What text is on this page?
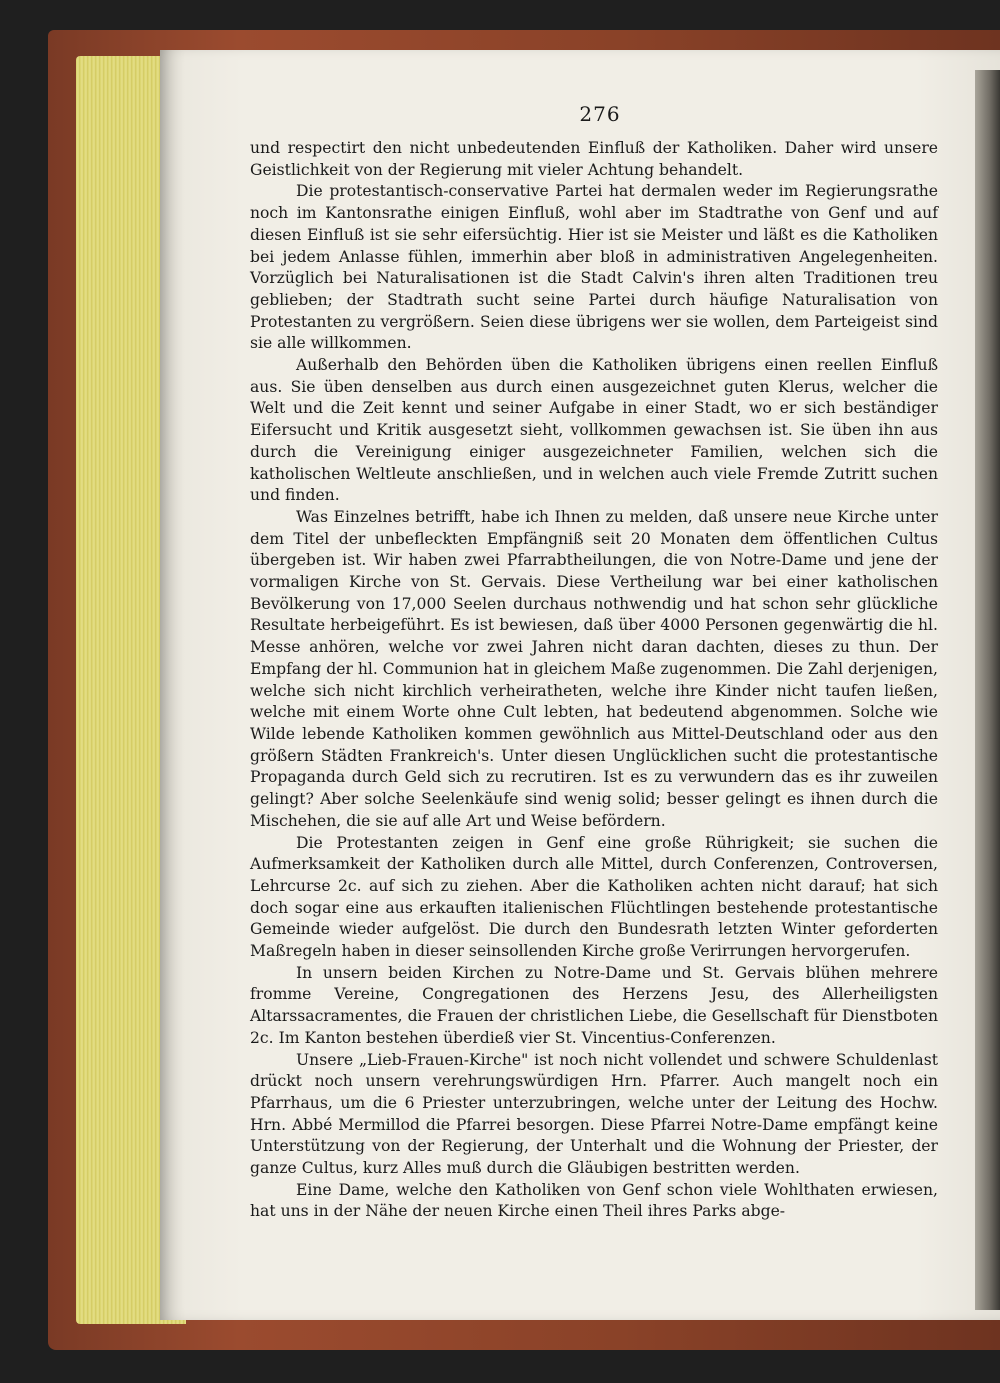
276

und respectirt den nicht unbedeutenden Einfluß der Katholiken. Daher wird unsere Geistlichkeit von der Regierung mit vieler Achtung behandelt.

Die protestantisch-conservative Partei hat dermalen weder im Regierungsrathe noch im Kantonsrathe einigen Einfluß, wohl aber im Stadtrathe von Genf und auf diesen Einfluß ist sie sehr eifersüchtig. Hier ist sie Meister und läßt es die Katholiken bei jedem Anlasse fühlen, immerhin aber bloß in administrativen Angelegenheiten. Vorzüglich bei Naturalisationen ist die Stadt Calvin's ihren alten Traditionen treu geblieben; der Stadtrath sucht seine Partei durch häufige Naturalisation von Protestanten zu vergrößern. Seien diese übrigens wer sie wollen, dem Parteigeist sind sie alle willkommen.

Außerhalb den Behörden üben die Katholiken übrigens einen reellen Einfluß aus. Sie üben denselben aus durch einen ausgezeichnet guten Klerus, welcher die Welt und die Zeit kennt und seiner Aufgabe in einer Stadt, wo er sich beständiger Eifersucht und Kritik ausgesetzt sieht, vollkommen gewachsen ist. Sie üben ihn aus durch die Vereinigung einiger ausgezeichneter Familien, welchen sich die katholischen Weltleute anschließen, und in welchen auch viele Fremde Zutritt suchen und finden.

Was Einzelnes betrifft, habe ich Ihnen zu melden, daß unsere neue Kirche unter dem Titel der unbefleckten Empfängniß seit 20 Monaten dem öffentlichen Cultus übergeben ist. Wir haben zwei Pfarrabtheilungen, die von Notre-Dame und jene der vormaligen Kirche von St. Gervais. Diese Vertheilung war bei einer katholischen Bevölkerung von 17,000 Seelen durchaus nothwendig und hat schon sehr glückliche Resultate herbeigeführt. Es ist bewiesen, daß über 4000 Personen gegenwärtig die hl. Messe anhören, welche vor zwei Jahren nicht daran dachten, dieses zu thun. Der Empfang der hl. Communion hat in gleichem Maße zugenommen. Die Zahl derjenigen, welche sich nicht kirchlich verheiratheten, welche ihre Kinder nicht taufen ließen, welche mit einem Worte ohne Cult lebten, hat bedeutend abgenommen. Solche wie Wilde lebende Katholiken kommen gewöhnlich aus Mittel-Deutschland oder aus den größern Städten Frankreich's. Unter diesen Unglücklichen sucht die protestantische Propaganda durch Geld sich zu recrutiren. Ist es zu verwundern das es ihr zuweilen gelingt? Aber solche Seelenkäufe sind wenig solid; besser gelingt es ihnen durch die Mischehen, die sie auf alle Art und Weise befördern.

Die Protestanten zeigen in Genf eine große Rührigkeit; sie suchen die Aufmerksamkeit der Katholiken durch alle Mittel, durch Conferenzen, Controversen, Lehrcurse 2c. auf sich zu ziehen. Aber die Katholiken achten nicht darauf; hat sich doch sogar eine aus erkauften italienischen Flüchtlingen bestehende protestantische Gemeinde wieder aufgelöst. Die durch den Bundesrath letzten Winter geforderten Maßregeln haben in dieser seinsollenden Kirche große Verirrungen hervorgerufen.

In unsern beiden Kirchen zu Notre-Dame und St. Gervais blühen mehrere fromme Vereine, Congregationen des Herzens Jesu, des Allerheiligsten Altarssacramentes, die Frauen der christlichen Liebe, die Gesellschaft für Dienstboten 2c. Im Kanton bestehen überdieß vier St. Vincentius-Conferenzen.

Unsere „Lieb-Frauen-Kirche" ist noch nicht vollendet und schwere Schuldenlast drückt noch unsern verehrungswürdigen Hrn. Pfarrer. Auch mangelt noch ein Pfarrhaus, um die 6 Priester unterzubringen, welche unter der Leitung des Hochw. Hrn. Abbé Mermillod die Pfarrei besorgen. Diese Pfarrei Notre-Dame empfängt keine Unterstützung von der Regierung, der Unterhalt und die Wohnung der Priester, der ganze Cultus, kurz Alles muß durch die Gläubigen bestritten werden.

Eine Dame, welche den Katholiken von Genf schon viele Wohlthaten erwiesen, hat uns in der Nähe der neuen Kirche einen Theil ihres Parks abge-
